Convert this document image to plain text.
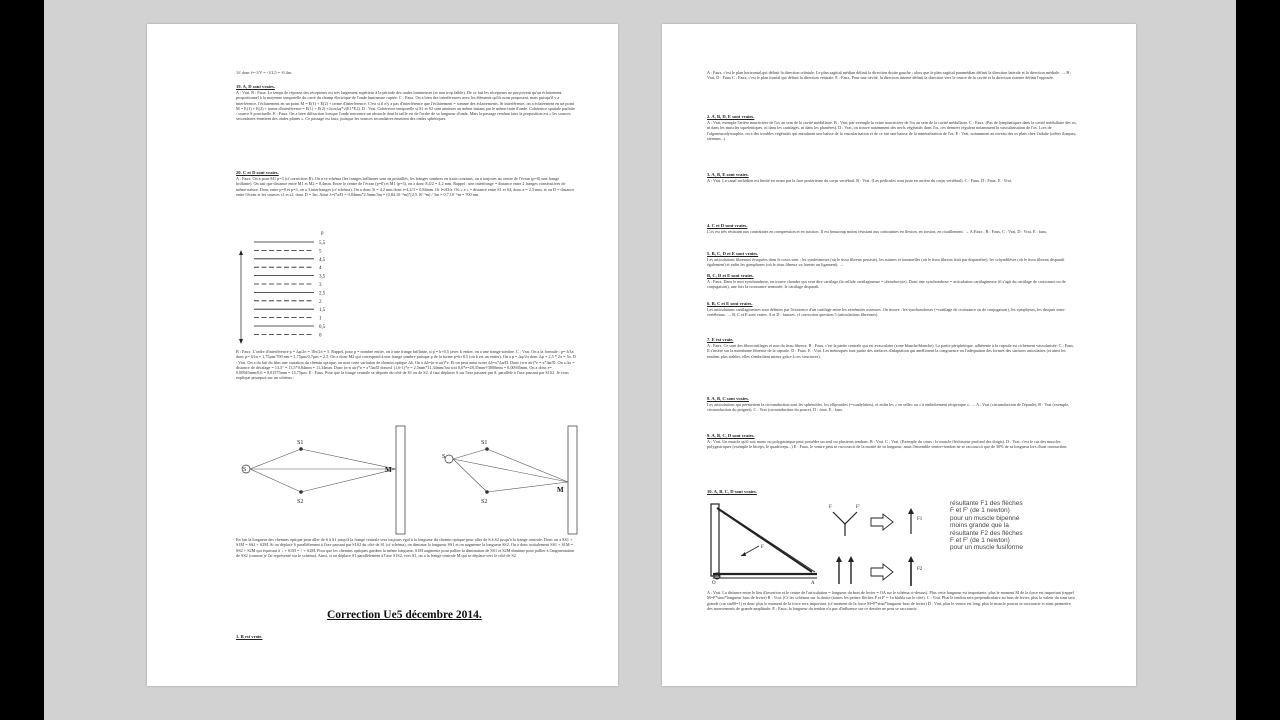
1/f donc f=-1/V = -1/2,5 = -0,4m.
19. A, D sont vraies.
A : Vrai. B : Faux. Le temps de réponse des récepteurs est très largement supérieur à la période des ondes lumineuses (et non trop faible). De ce fait les récepteurs ne perçoivent qu'un éclairement proportionnel à la moyenne temporelle du carré du champ électrique de l'onde lumineuse captée. C : Faux. On a bien des interférences avec les éléments qu'ils nous proposent, mais puisqu'il y a interférence, l'éclairement en un point M = E(1) + E(2) + terme d'interférence. C'est si il n'y a pas d'interférence que l'éclairement = somme des éclairements. Si interférence, on a éclairement en un point M = E(1) + E(2) + terme d'interférence = E(1) + E(2) +2cos∆φ*√(E1*E2). D : Vrai. Cohérence temporelle si S1 et S2 sont atteintes au même instant par le même train d'onde. Cohérence spatiale parfaite : source S ponctuelle. E : Faux. On a bien diffraction lorsque l'onde rencontre un obstacle dont la taille est de l'ordre de sa longueur d'onde. Mais le passage rendant faux la proposition est « les sources secondaires émettent des ondes planes ». Ce passage est faux, puisque les sources secondaires émettent des ondes sphériques.
20. C et D sont vraies.
A : Faux. On a pour M1 p=3 (cf correction B). On a ce schéma (les franges brillantes sont en pointillés, les franges sombres en traits continus, on a toujours au centre de l'écran (p=0) une frange brillante). On sait que distance entre M1 et M2 = 8,4mm. Entre le centre de l'écran (p=0) et M1 (p=3), on a donc 8,4/2 = 4,2 mm. Rappel : une interfrange = distance entre 2 franges consécutives de même nature. Donc entre p=0 et p=3, on a 3 interfranges (cf schéma). On a donc 3i = 4,2 mm donc i=4,2/3 = 0,84mm. Or i=λD/a. Où « a » = distance entre S1 et S2, donc a = 2,5 mm, et ou D = distance entre l'écran et les sources s1 et s2, donc D = 3m. Ainsi λ=i*a/D = 0,84mm*2,5mm/3m = (0,84.10⁻³m)*(2,5.10⁻³m) / 3m = 0,7.10⁻⁶m = 700 nm.
5,5
5
4,5
4
3,5
3
2,5
2
1,5
1
0,5
0
p
B : Faux. L'ordre d'interférence p = ∆φ/2π = 10π/2π = 5. Rappel, pour p = nombre entier, on a une frange brillante, si p = k+0,5 (avec k entier, on a une frange sombre. C : Vrai. On a la formule : p= δ/λa donc p= δ/λa = 1,75µm/700 nm = 1,75µm/0,7µm = 2,5. On a donc M2 qui correspond à une frange sombre puisque p de la forme p=k+0,5 (où k est un entier). On a p = ∆φ/2π donc ∆φ = 2,5 * 2π = 5π. D : Vrai. On a du fait du film une variation du chemin optique, on note cette variation de chemin optique ∆δ. On a ∆δ=(n-n air)*e. Et on peut aussi noter ∆δ=x*∆n/D. Donc (n-n air)*e = x*∆n/D. On a ∆x = distance de décalage = 13,5° = 13,5*0,84mm = 11,34mm. Donc (n-n air)*e = x*∆n/D doncn1 (1,6-1)*e = 2,5mm*11,34mm/3m soit 0,6*e=28,35mm²/3000mm = 0,00945mm. On a donc e= 0,00945mm/0,6 = 0,01575mm = 15,75µm. E : Faux. Pour que la frange centrale se déporte du côté de S1 ou de S2, il faut déplacer S sur l'axe passant par S, parallèle à l'axe passant par S1S2. Je vous explique pourquoi sur un schéma :
S
S1
S2
M
S
S1
S2
M
En fait la longueur des chemins optique pour aller de S à S1 jusqu'à la frange centrale sera toujours égal à la longueur du chemin optique pour aller de S à S2 jusqu'à la frange centrale. Donc on a SS1 + S1M = SS2 + S2M. Si on déplace S parallèlement à l'axe passant par S1S2 du côté de S1 (cf schéma), on diminue la longueur SS1 et on augmente la longueur SS2. On a donc initialement SS1 + S1M = SS2 + S2M qui équivaut à ↓ + S1M = ↑ + S2M. Pour que les chemins optiques gardent la même longueur, S1M augmente pour pallier la diminution de SS1 et S2M diminue pour pallier à l'augmentation de SS2 (comme je l'ai représenté sur le schéma). Ainsi, si on déplace S1 parallèlement à l'axe S1S2, vers S1, on a la frange centrale M qui se déplace vers le côté de S2.
Correction Ue5 décembre 2014.
1. B est vraie.
A : Faux, c'est le plan horizontal qui définit la direction crâniale. Le plan sagittal médian définit la direction droite gauche ; alors que le plan sagittal paramédian définit la direction latérale et la direction médiale. → B : Vrai, D : Faux C : Faux, c'est le plan frontal qui définit la direction ventrale. E : Faux. Pour une cavité, la direction interne définit la direction vers le centre de la cavité et la direction externe définit l'opposée.
2. A, B, D, E sont vraies.
A : Vrai, exemple l'artère nourricière de l'os au sein de la cavité médullaire. B : Vrai, par exemple la veine nourricière de l'os au sein de la cavité médullaire. C : Faux. (Pas de lymphatiques dans la cavité médullaire des os, ni dans les muscles squelettiques, ni dans les cartilages, ni dans les phanères). D : Vrai, on trouve notamment des nerfs végétatifs dans l'os, ces derniers régulent notamment la vascularisation de l'os. Lors de l'algoneurodystrophie, on a des troubles végétatifs qui entraînent une baisse de la vascularisation et de ce fait une baisse de la minéralisation de l'os. E : Vrai, notamment au niveau des os plats chez l'adulte (crêtes iliaques, sternum...)
3. A, B, E sont vraies.
A : Vrai. Le canal rachidien est limité en avant par la face postérieure du corps vertébral. B : Vrai. (Les pédicules sont juste en arrière du corps vertébral). C : Faux. D : Faux. E : Vrai.
4. C et D sont vraies.
L'os est très résistant aux contraintes en compression et en traction. Il est beaucoup moins résistant aux contraintes en flexion, en torsion, en cisaillement. → A:Faux ; B : Faux, C : Vrai, D : Vrai, E : faux.
5. B, C, D et E sont vraies.
Les articulations fibreuses évoquées dans le cours sont : les syndesmoses (où le tissu fibreux persiste), les sutures et fontanelles (où le tissu fibreux finit par disparaître), les schyndilèses (où le tissu fibreux disparaît également) et enfin les gomphoses (où le tissu fibreux va former un ligament). →
B, C, D et E sont vraies.
A : Faux. Dans le mot synchondrose, on trouve chondre qui veut dire cartilage (la cellule cartilagineuse = chondrocyte). Donc une synchondrose = articulation cartilagineuse (il s'agit du cartilage de croissance ou de conjugaison), une fois la croissance terminée, le cartilage disparaît.
6. B, C et E sont vraies.
Les articulations cartilagineuses sont définies par l'existence d'un cartilage entre les extrémités osseuses. On trouve : les synchondroses (=cartilage de croissance ou de conjugaison), les symphyses, les disques inter-vertébraux. → B, C et E sont vraies. A et D : fausses, cf correction question 5 (articulations fibreuses).
7. E est vraie.
A : Faux. Ce sont des fibrocartilages et non du tissu fibreux. B : Faux, c'est la partie centrale qui est avasculaire (zone blanche/blanche). La partie périphérique, adhérente à la capsule est richement vascularisée. C : Faux. Il s'insère sur la membrane fibreuse de la capsule. D : Faux. E : Vrai. Les ménisques font partie des surfaces d'adaptation qui améliorent la congruence ou l'adéquation des formes des surfaces articulaires (et ainsi les rendent plus stables, elles s'emboîtent mieux grâce à ces structures).
8. A, B, C sont vraies.
Les articulations qui permettent la circumduction sont les sphéroïdes, les ellipsoïdes (=condylaires), et enfin les « en selle» ou « à emboîtement réciproque ». → A : Vrai (circumduction de l'épaule), B : Vrai (exemple, circumduction du poignet), C : Vrai (circumduction du pouce), D : faux. E : faux.
9. A, B, C, D sont vraies.
A : Vrai. Un muscle qu'il soit mono ou polygastrique peut posséder un seul ou plusieurs tendons. B : Vrai. C : Vrai. (Exemple du cours : le muscle fléchisseur profond des doigts). D : Vrai, c'est le cas des muscles polygastriques (exemple le biceps, le quadriceps...) E : Faux, le ventre peut se raccourcir de la moitié de sa longueur, mais l'ensemble ventre+tendon ne se raccourcit que de 30% de sa longueur lors d'une contraction.
10. A, B, C, D sont vraies.
O	A
F
F	F'
F1
F2
résultante F1 des flèches F et F' (de 1 newton) pour un muscle bipenné moins grande que la résultante F2 des flèches F et F' (de 1 newton) pour un muscle fusiforme
A : Vrai. La distance entre le lieu d'insertion et le centre de l'articulation = longueur du bras de levier = OA sur le schéma ci-dessus). Plus cette longueur est importante, plus le moment M de la force est important (rappel M=F*sinα*longueur bras de levier) B : Vrai. (Cf les schémas sur la droite (toutes les petites flèches F et F' = 1n blabla sur le côté). C : Vrai. Plus le tendon sera perpendiculaire au bras de levier, plus la valeur du sinα sera grande (car sin90=1) et donc plus le moment de la force sera important. (cf moment de la force M=F*sinα*longueur bras de levier) D : Vrai, plus le ventre est long, plus le muscle pourra se raccourcir et ainsi permettre des mouvements de grande amplitude. E : Faux, la longueur du tendon n'a pas d'influence sur ce dernier ne peut se raccourcir.
